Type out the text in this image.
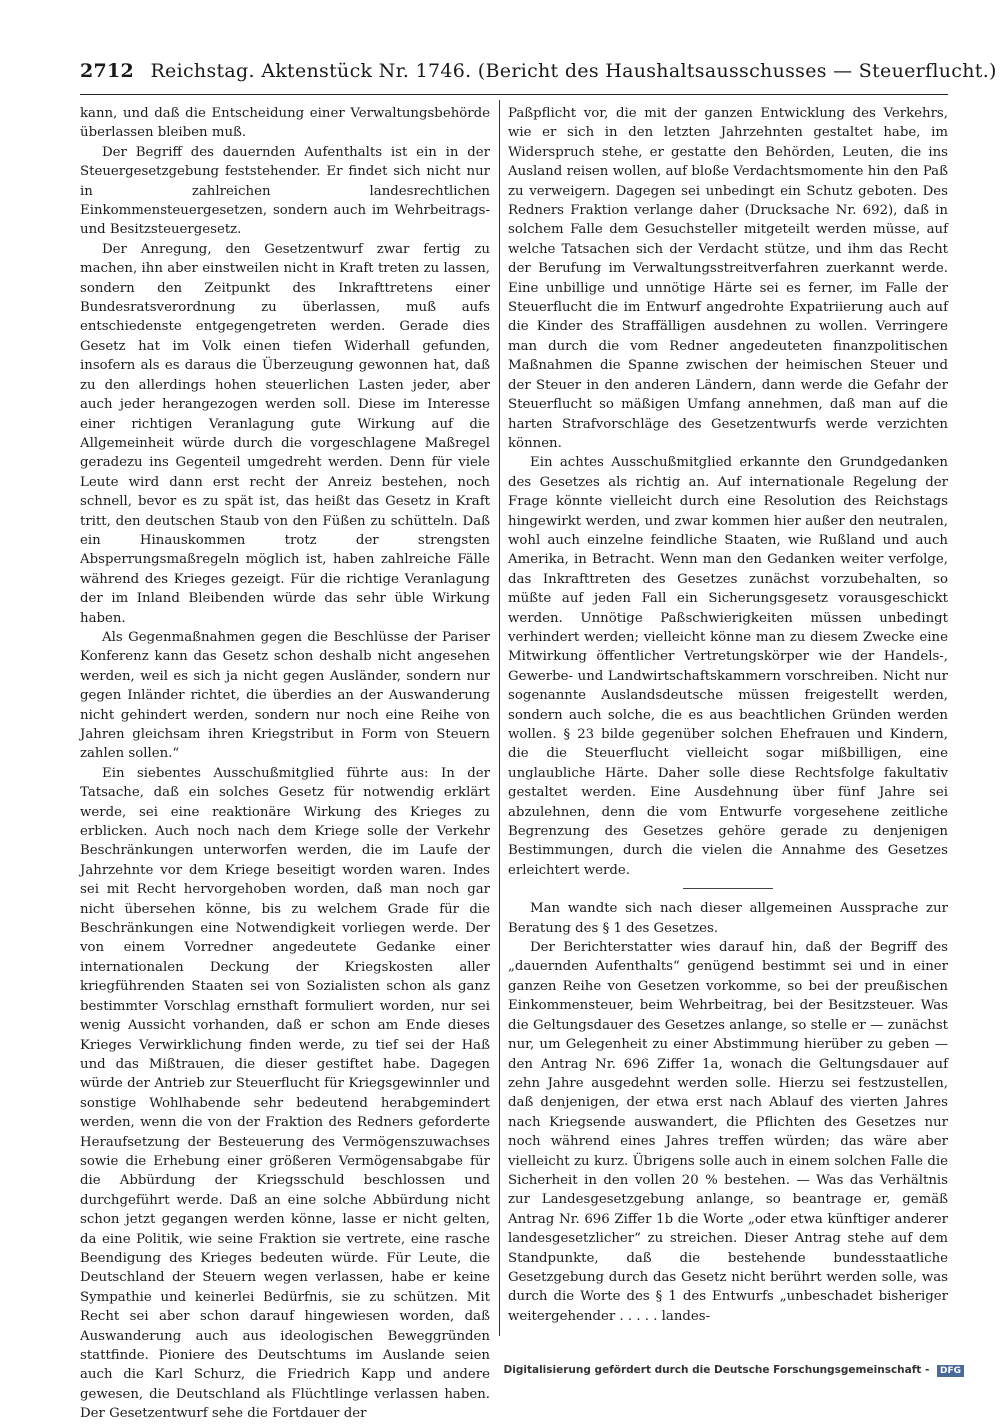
2712 Reichstag. Aktenstück Nr. 1746. (Bericht des Haushaltsausschusses — Steuerflucht.)

kann, und daß die Entscheidung einer Verwaltungsbehörde überlassen bleiben muß.

Der Begriff des dauernden Aufenthalts ist ein in der Steuergesetzgebung feststehender. Er findet sich nicht nur in zahlreichen landesrechtlichen Einkommensteuergesetzen, sondern auch im Wehrbeitrags- und Besitzsteuergesetz.

Der Anregung, den Gesetzentwurf zwar fertig zu machen, ihn aber einstweilen nicht in Kraft treten zu lassen, sondern den Zeitpunkt des Inkrafttretens einer Bundesratsverordnung zu überlassen, muß aufs entschiedenste entgegengetreten werden. Gerade dies Gesetz hat im Volk einen tiefen Widerhall gefunden, insofern als es daraus die Überzeugung gewonnen hat, daß zu den allerdings hohen steuerlichen Lasten jeder, aber auch jeder herangezogen werden soll. Diese im Interesse einer richtigen Veranlagung gute Wirkung auf die Allgemeinheit würde durch die vorgeschlagene Maßregel geradezu ins Gegenteil umgedreht werden. Denn für viele Leute wird dann erst recht der Anreiz bestehen, noch schnell, bevor es zu spät ist, das heißt das Gesetz in Kraft tritt, den deutschen Staub von den Füßen zu schütteln. Daß ein Hinauskommen trotz der strengsten Absperrungsmaßregeln möglich ist, haben zahlreiche Fälle während des Krieges gezeigt. Für die richtige Veranlagung der im Inland Bleibenden würde das sehr üble Wirkung haben.

Als Gegenmaßnahmen gegen die Beschlüsse der Pariser Konferenz kann das Gesetz schon deshalb nicht angesehen werden, weil es sich ja nicht gegen Ausländer, sondern nur gegen Inländer richtet, die überdies an der Auswanderung nicht gehindert werden, sondern nur noch eine Reihe von Jahren gleichsam ihren Kriegstribut in Form von Steuern zahlen sollen.“

Ein siebentes Ausschußmitglied führte aus: In der Tatsache, daß ein solches Gesetz für notwendig erklärt werde, sei eine reaktionäre Wirkung des Krieges zu erblicken. Auch noch nach dem Kriege solle der Verkehr Beschränkungen unterworfen werden, die im Laufe der Jahrzehnte vor dem Kriege beseitigt worden waren. Indes sei mit Recht hervorgehoben worden, daß man noch gar nicht übersehen könne, bis zu welchem Grade für die Beschränkungen eine Notwendigkeit vorliegen werde. Der von einem Vorredner angedeutete Gedanke einer internationalen Deckung der Kriegskosten aller kriegführenden Staaten sei von Sozialisten schon als ganz bestimmter Vorschlag ernsthaft formuliert worden, nur sei wenig Aussicht vorhanden, daß er schon am Ende dieses Krieges Verwirklichung finden werde, zu tief sei der Haß und das Mißtrauen, die dieser gestiftet habe. Dagegen würde der Antrieb zur Steuerflucht für Kriegsgewinnler und sonstige Wohlhabende sehr bedeutend herabgemindert werden, wenn die von der Fraktion des Redners geforderte Heraufsetzung der Besteuerung des Vermögenszuwachses sowie die Erhebung einer größeren Vermögensabgabe für die Abbürdung der Kriegsschuld beschlossen und durchgeführt werde. Daß an eine solche Abbürdung nicht schon jetzt gegangen werden könne, lasse er nicht gelten, da eine Politik, wie seine Fraktion sie vertrete, eine rasche Beendigung des Krieges bedeuten würde. Für Leute, die Deutschland der Steuern wegen verlassen, habe er keine Sympathie und keinerlei Bedürfnis, sie zu schützen. Mit Recht sei aber schon darauf hingewiesen worden, daß Auswanderung auch aus ideologischen Beweggründen stattfinde. Pioniere des Deutschtums im Auslande seien auch die Karl Schurz, die Friedrich Kapp und andere gewesen, die Deutschland als Flüchtlinge verlassen haben. Der Gesetzentwurf sehe die Fortdauer der

Paßpflicht vor, die mit der ganzen Entwicklung des Verkehrs, wie er sich in den letzten Jahrzehnten gestaltet habe, im Widerspruch stehe, er gestatte den Behörden, Leuten, die ins Ausland reisen wollen, auf bloße Verdachtsmomente hin den Paß zu verweigern. Dagegen sei unbedingt ein Schutz geboten. Des Redners Fraktion verlange daher (Drucksache Nr. 692), daß in solchem Falle dem Gesuchsteller mitgeteilt werden müsse, auf welche Tatsachen sich der Verdacht stütze, und ihm das Recht der Berufung im Verwaltungsstreitverfahren zuerkannt werde. Eine unbillige und unnötige Härte sei es ferner, im Falle der Steuerflucht die im Entwurf angedrohte Expatriierung auch auf die Kinder des Straffälligen ausdehnen zu wollen. Verringere man durch die vom Redner angedeuteten finanzpolitischen Maßnahmen die Spanne zwischen der heimischen Steuer und der Steuer in den anderen Ländern, dann werde die Gefahr der Steuerflucht so mäßigen Umfang annehmen, daß man auf die harten Strafvorschläge des Gesetzentwurfs werde verzichten können.

Ein achtes Ausschußmitglied erkannte den Grundgedanken des Gesetzes als richtig an. Auf internationale Regelung der Frage könnte vielleicht durch eine Resolution des Reichstags hingewirkt werden, und zwar kommen hier außer den neutralen, wohl auch einzelne feindliche Staaten, wie Rußland und auch Amerika, in Betracht. Wenn man den Gedanken weiter verfolge, das Inkrafttreten des Gesetzes zunächst vorzubehalten, so müßte auf jeden Fall ein Sicherungsgesetz vorausgeschickt werden. Unnötige Paßschwierigkeiten müssen unbedingt verhindert werden; vielleicht könne man zu diesem Zwecke eine Mitwirkung öffentlicher Vertretungskörper wie der Handels-, Gewerbe- und Landwirtschaftskammern vorschreiben. Nicht nur sogenannte Auslandsdeutsche müssen freigestellt werden, sondern auch solche, die es aus beachtlichen Gründen werden wollen. § 23 bilde gegenüber solchen Ehefrauen und Kindern, die die Steuerflucht vielleicht sogar mißbilligen, eine unglaubliche Härte. Daher solle diese Rechtsfolge fakultativ gestaltet werden. Eine Ausdehnung über fünf Jahre sei abzulehnen, denn die vom Entwurfe vorgesehene zeitliche Begrenzung des Gesetzes gehöre gerade zu denjenigen Bestimmungen, durch die vielen die Annahme des Gesetzes erleichtert werde.

Man wandte sich nach dieser allgemeinen Aussprache zur Beratung des § 1 des Gesetzes.

Der Berichterstatter wies darauf hin, daß der Begriff des „dauernden Aufenthalts“ genügend bestimmt sei und in einer ganzen Reihe von Gesetzen vorkomme, so bei der preußischen Einkommensteuer, beim Wehrbeitrag, bei der Besitzsteuer. Was die Geltungsdauer des Gesetzes anlange, so stelle er — zunächst nur, um Gelegenheit zu einer Abstimmung hierüber zu geben — den Antrag Nr. 696 Ziffer 1a, wonach die Geltungsdauer auf zehn Jahre ausgedehnt werden solle. Hierzu sei festzustellen, daß denjenigen, der etwa erst nach Ablauf des vierten Jahres nach Kriegsende auswandert, die Pflichten des Gesetzes nur noch während eines Jahres treffen würden; das wäre aber vielleicht zu kurz. Übrigens solle auch in einem solchen Falle die Sicherheit in den vollen 20 % bestehen. — Was das Verhältnis zur Landesgesetzgebung anlange, so beantrage er, gemäß Antrag Nr. 696 Ziffer 1b die Worte „oder etwa künftiger anderer landesgesetzlicher“ zu streichen. Dieser Antrag stehe auf dem Standpunkte, daß die bestehende bundesstaatliche Gesetzgebung durch das Gesetz nicht berührt werden solle, was durch die Worte des § 1 des Entwurfs „unbeschadet bisheriger weitergehender . . . . . landes-

Digitalisierung gefördert durch die Deutsche Forschungsgemeinschaft - DFG
